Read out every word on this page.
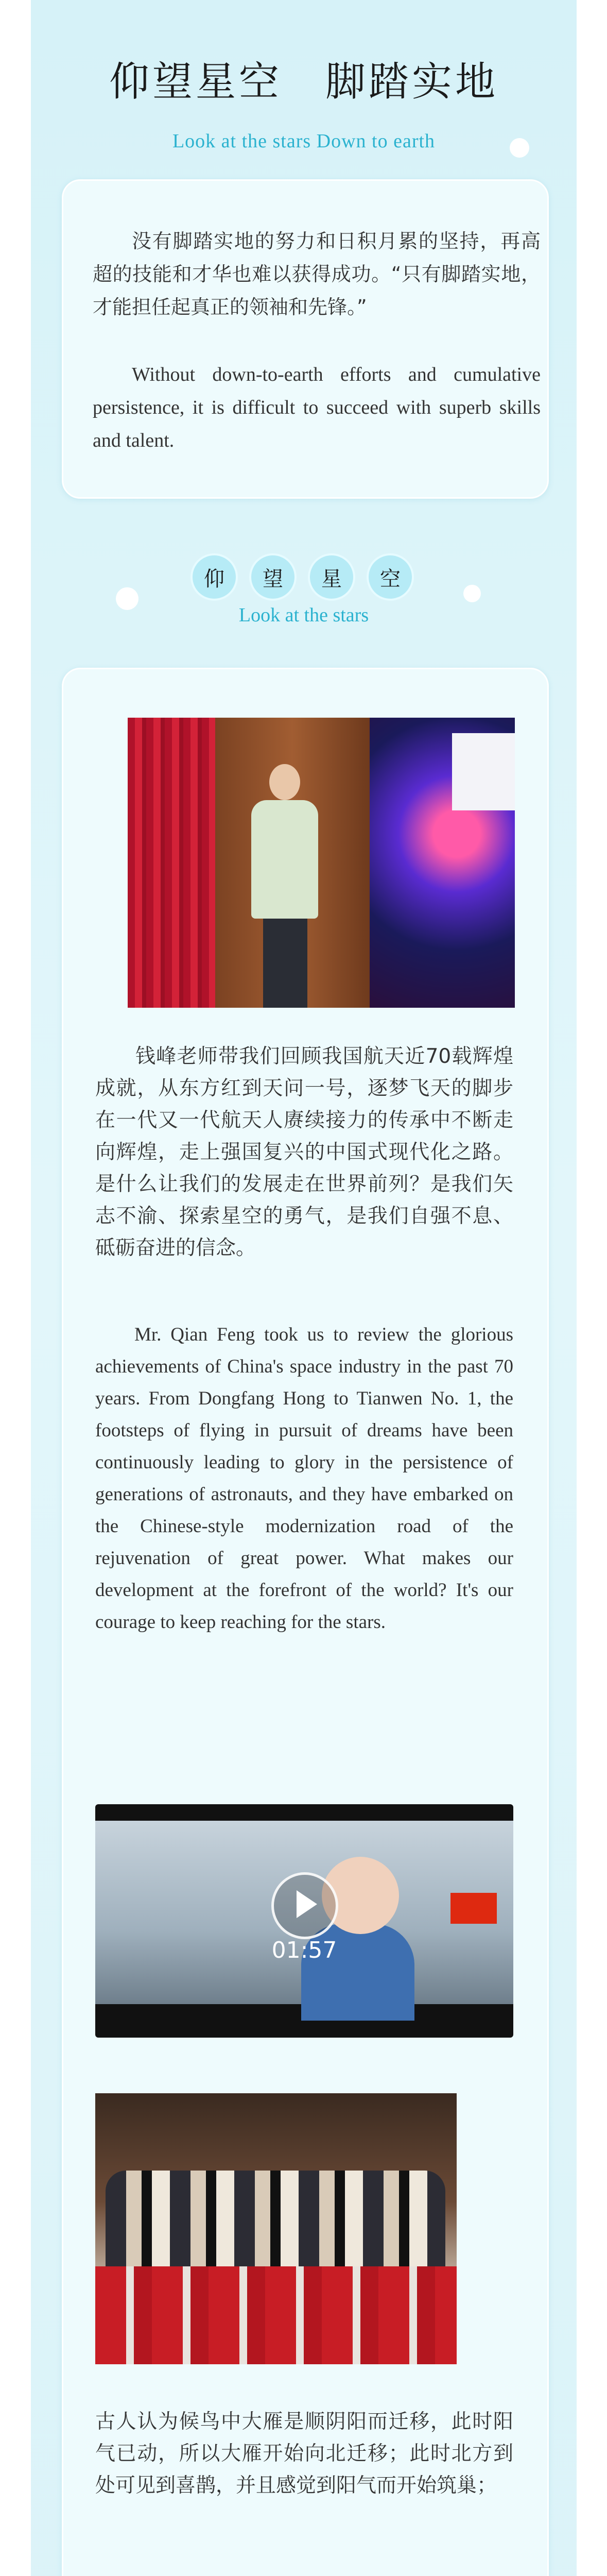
仰望星空　脚踏实地
Look at the stars Down to earth
没有脚踏实地的努力和日积月累的坚持，再高超的技能和才华也难以获得成功。“只有脚踏实地，才能担任起真正的领袖和先锋。”
Without down-to-earth efforts and cumulative persistence, it is difficult to succeed with superb skills and talent.
仰	望	星	空
Look at the stars
钱峰老师带我们回顾我国航天近70载辉煌成就，从东方红到天问一号，逐梦飞天的脚步在一代又一代航天人赓续接力的传承中不断走向辉煌，走上强国复兴的中国式现代化之路。是什么让我们的发展走在世界前列？是我们矢志不渝、探索星空的勇气，是我们自强不息、砥砺奋进的信念。
Mr. Qian Feng took us to review the glorious achievements of China's space industry in the past 70 years. From Dongfang Hong to Tianwen No. 1, the footsteps of flying in pursuit of dreams have been continuously leading to glory in the persistence of generations of astronauts, and they have embarked on the Chinese-style modernization road of the rejuvenation of great power. What makes our development at the forefront of the world? It's our courage to keep reaching for the stars.
01:57
古人认为候鸟中大雁是顺阴阳而迁移，此时阳气已动，所以大雁开始向北迁移；此时北方到处可见到喜鹊，并且感觉到阳气而开始筑巢；
